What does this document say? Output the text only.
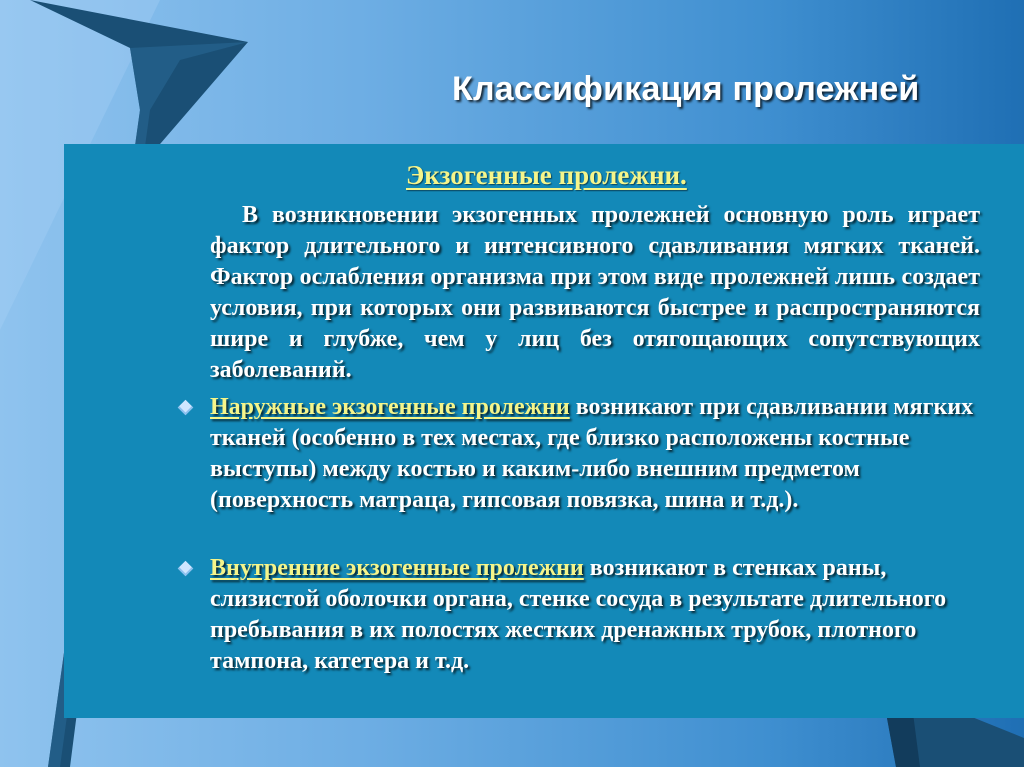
Классификация пролежней
Экзогенные пролежни.

В возникновении экзогенных пролежней основную роль играет фактор длительного и интенсивного сдавливания мягких тканей. Фактор ослабления организма при этом виде пролежней лишь создает условия, при которых они развиваются быстрее и распространяются шире и глубже, чем у лиц без отягощающих сопутствующих заболеваний.

Наружные экзогенные пролежни возникают при сдавливании мягких тканей (особенно в тех местах, где близко расположены костные выступы) между костью и каким-либо внешним предметом (поверхность матраца, гипсовая повязка, шина и т.д.).

Внутренние экзогенные пролежни возникают в стенках раны, слизистой оболочки органа, стенке сосуда в результате длительного пребывания в их полостях жестких дренажных трубок, плотного тампона, катетера и т.д.
